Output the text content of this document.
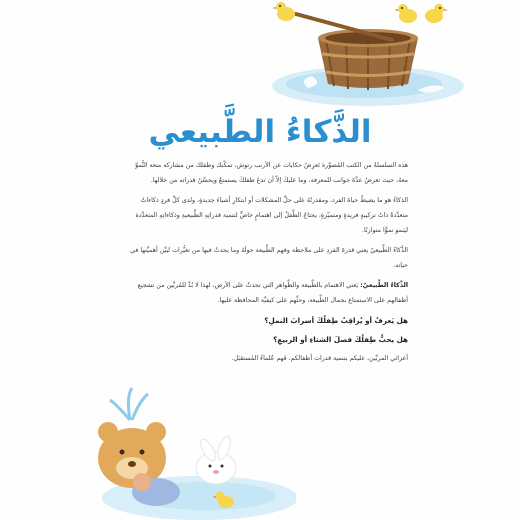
الذَّكاءُ الطَّبيعي

هذه السلسلةُ من الكتب المُصوَّرة تَعرِضُ حكايات عن الأرنب رتوش، تمكّنك وطفلك من مشاركة متعة النُّموِّ معهُ، حيث تعرضُ عدَّةَ جوانب للمعرفة، وما عليكَ إلاّ أن تدعَ طفلكَ يستمتعُ ويحسِّنُ قدراته من خلالها.

الذكاءُ هو ما يضبطُ حياةَ الفرد، ومقدرتُهُ على حلِّ المشكلات أو ابتكارِ أشياءَ جديدةٍ، ولدى كلِّ فردٍ ذكاءاتٌ متعدِّدةٌ ذاتُ تركيبةٍ فريدةٍ ومتميّزةٍ، يحتاجُ الطِّفلُ إلى اهتمامٍ خاصٍّ لتنمية قدراتِهِ الطَّبيعيةِ وذكاءاتِهِ المتعدِّدة ليَنمو نموًّا متوازنًا.

الذَّكاءُ الطَّبيعيّ يعني قدرةَ الفردِ على ملاحظة وفهم الطَّبيعة حولَهُ وما يحدثُ فيها من تغيُّرات تُبيِّن أهميَّتها في حياته.

الذَّكاءُ الطَّبيعيّ: يَعني الاهتمام بالطَّبيعة والظَّواهر التي تحدثُ على الأرض، لهذا لا بُدَّ للمُربِّين من تشجيع أطفالهم على الاستمتاع بجمال الطَّبيعة، وحثِّهم على كيفيَّة المحافظة عليها.

هل يَعرفُ أو يُراقِبُ طِفلُكَ أسرابَ النملِ؟

هل يحبُّ طِفلُكَ فصلَ الشتاءِ أو الربيعِ؟

أعزائي المربِّين، عليكم بتنمية قدرات أطفالكم، فَهم عُلماءُ المُستقبَل.
